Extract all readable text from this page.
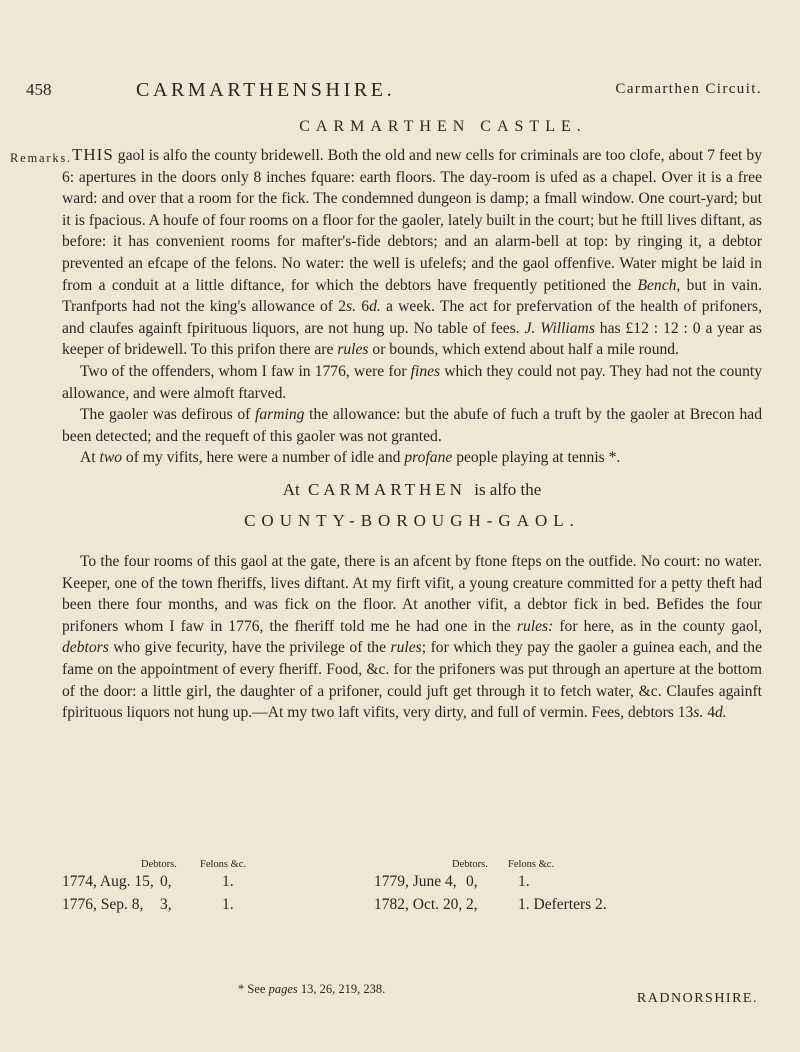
458	CARMARTHENSHIRE.	Carmarthen Circuit.
CARMARTHEN CASTLE.
Remarks. THIS gaol is alfo the county bridewell. Both the old and new cells for criminals are too clofe, about 7 feet by 6: apertures in the doors only 8 inches fquare: earth floors. The day-room is ufed as a chapel. Over it is a free ward: and over that a room for the fick. The condemned dungeon is damp; a fmall window. One court-yard; but it is fpacious. A houfe of four rooms on a floor for the gaoler, lately built in the court; but he ftill lives diftant, as before: it has convenient rooms for mafter's-fide debtors; and an alarm-bell at top: by ringing it, a debtor prevented an efcape of the felons. No water: the well is ufelefs; and the gaol offenfive. Water might be laid in from a conduit at a little diftance, for which the debtors have frequently petitioned the Bench, but in vain. Tranfports had not the king's allowance of 2s. 6d. a week. The act for prefervation of the health of prifoners, and claufes againft fpirituous liquors, are not hung up. No table of fees. J. Williams has £12 : 12 : 0 a year as keeper of bridewell. To this prifon there are rules or bounds, which extend about half a mile round.

Two of the offenders, whom I faw in 1776, were for fines which they could not pay. They had not the county allowance, and were almoft ftarved.

The gaoler was defirous of farming the allowance: but the abufe of fuch a truft by the gaoler at Brecon had been detected; and the requeft of this gaoler was not granted.

At two of my vifits, here were a number of idle and profane people playing at tennis *.

At CARMARTHEN is alfo the

COUNTY-BOROUGH-GAOL.

To the four rooms of this gaol at the gate, there is an afcent by ftone fteps on the outfide. No court: no water. Keeper, one of the town fheriffs, lives diftant. At my firft vifit, a young creature committed for a petty theft had been there four months, and was fick on the floor. At another vifit, a debtor fick in bed. Befides the four prifoners whom I faw in 1776, the fheriff told me he had one in the rules: for here, as in the county gaol, debtors who give fecurity, have the privilege of the rules; for which they pay the gaoler a guinea each, and the fame on the appointment of every fheriff. Food, &c. for the prifoners was put through an aperture at the bottom of the door: a little girl, the daughter of a prifoner, could juft get through it to fetch water, &c. Claufes againft fpirituous liquors not hung up.—At my two laft vifits, very dirty, and full of vermin. Fees, debtors 13s. 4d.

Debtors. Felons &c.	Debtors. Felons &c.
1774, Aug. 15, 0,	1.	1779, June 4, 0,	1.
1776, Sep. 8, 3,	1.	1782, Oct. 20, 2,	1. Deferters 2.
* See pages 13, 26, 219, 238.
RADNORSHIRE.
